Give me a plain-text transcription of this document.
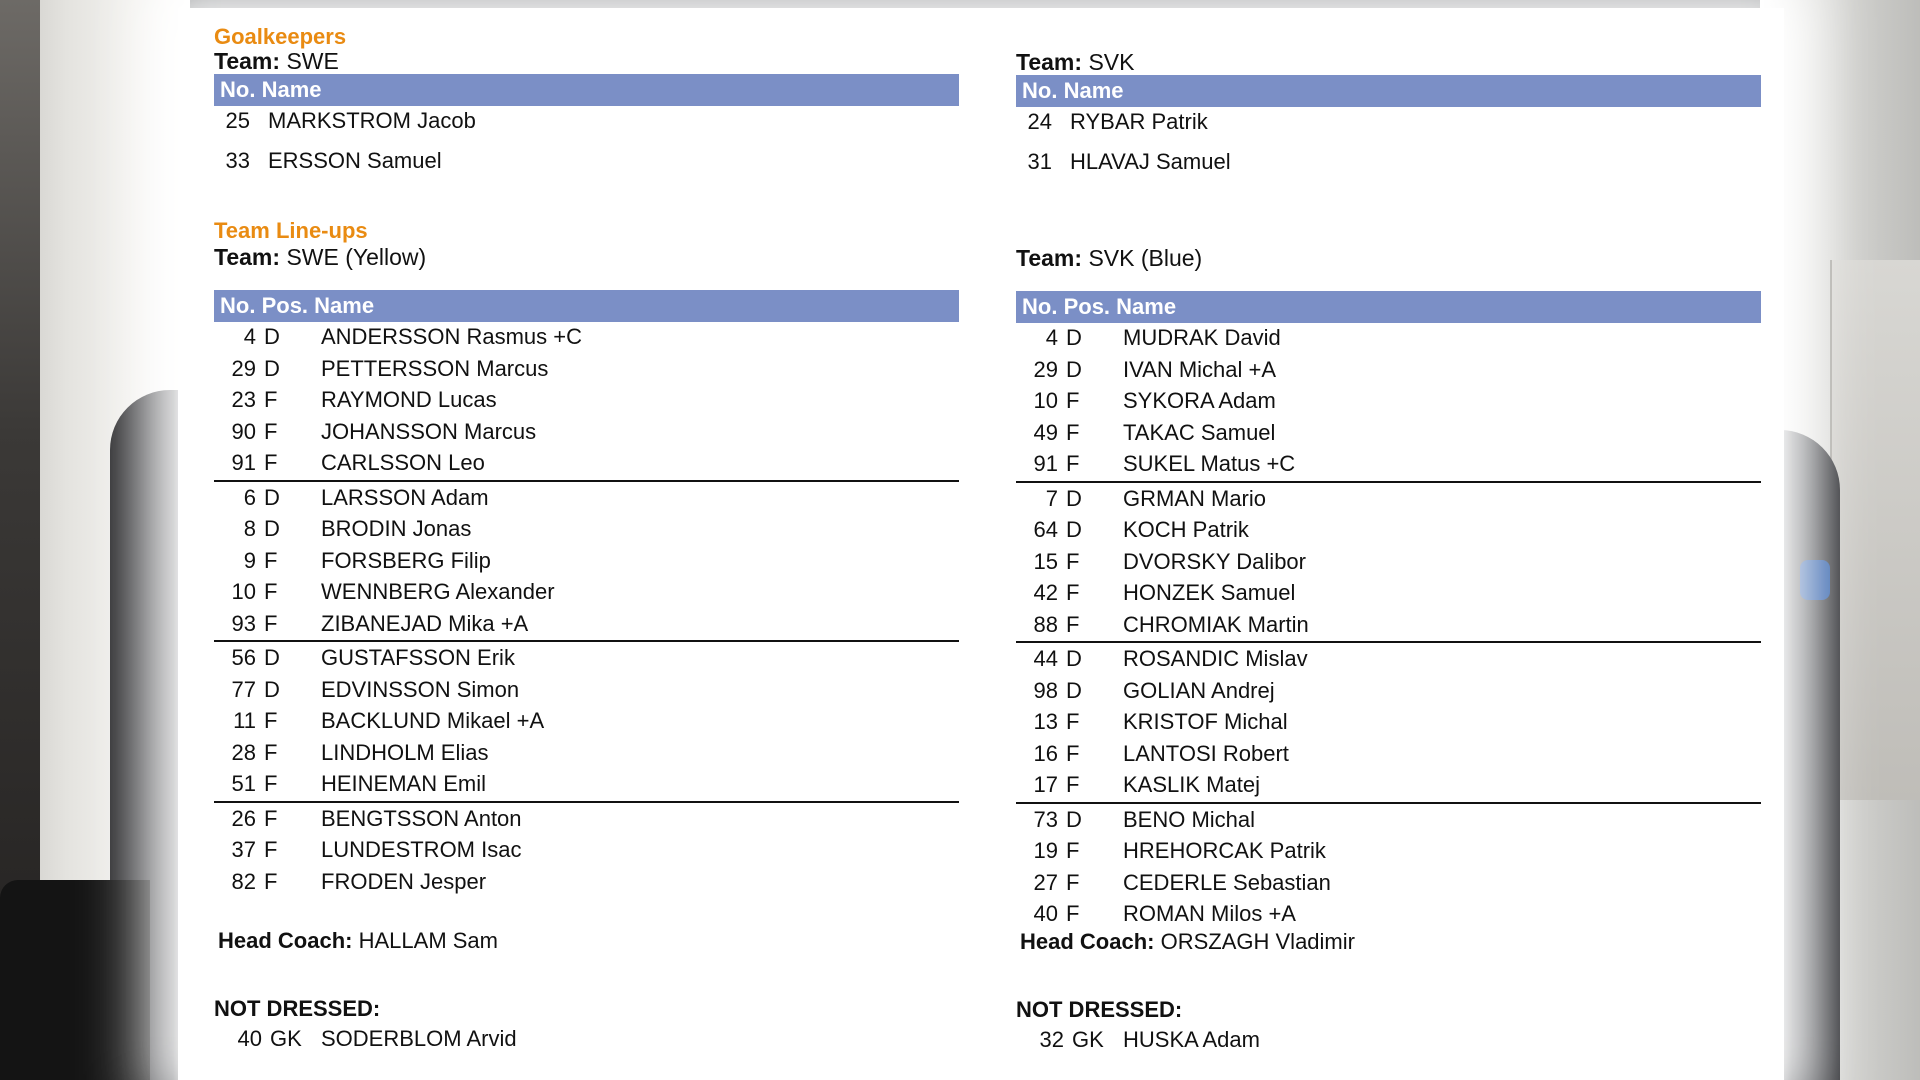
Goalkeepers
Team: SWE
No. Name
25 MARKSTROM Jacob
33 ERSSON Samuel
Team Line-ups
Team: SWE (Yellow)
No. Pos. Name
4 D ANDERSSON Rasmus +C
29 D PETTERSSON Marcus
23 F RAYMOND Lucas
90 F JOHANSSON Marcus
91 F CARLSSON Leo
6 D LARSSON Adam
8 D BRODIN Jonas
9 F FORSBERG Filip
10 F WENNBERG Alexander
93 F ZIBANEJAD Mika +A
56 D GUSTAFSSON Erik
77 D EDVINSSON Simon
11 F BACKLUND Mikael +A
28 F LINDHOLM Elias
51 F HEINEMAN Emil
26 F BENGTSSON Anton
37 F LUNDESTROM Isac
82 F FRODEN Jesper
Head Coach: HALLAM Sam
NOT DRESSED:
40 GK SODERBLOM Arvid
Team: SVK
No. Name
24 RYBAR Patrik
31 HLAVAJ Samuel
Team: SVK (Blue)
No. Pos. Name
4 D MUDRAK David
29 D IVAN Michal +A
10 F SYKORA Adam
49 F TAKAC Samuel
91 F SUKEL Matus +C
7 D GRMAN Mario
64 D KOCH Patrik
15 F DVORSKY Dalibor
42 F HONZEK Samuel
88 F CHROMIAK Martin
44 D ROSANDIC Mislav
98 D GOLIAN Andrej
13 F KRISTOF Michal
16 F LANTOSI Robert
17 F KASLIK Matej
73 D BENO Michal
19 F HREHORCAK Patrik
27 F CEDERLE Sebastian
40 F ROMAN Milos +A
Head Coach: ORSZAGH Vladimir
NOT DRESSED:
32 GK HUSKA Adam
